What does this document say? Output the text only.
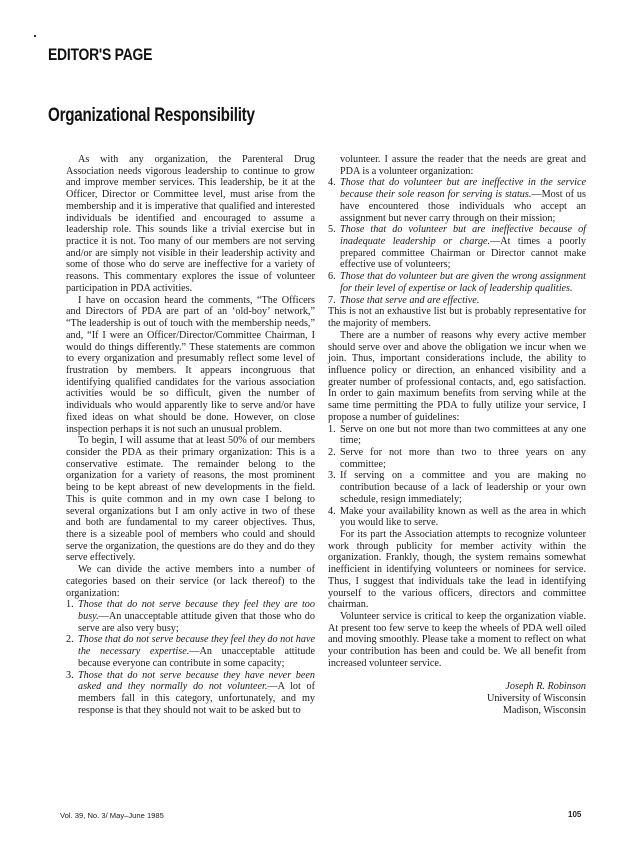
EDITOR'S PAGE
Organizational Responsibility

As with any organization, the Parenteral Drug Association needs vigorous leadership to continue to grow and improve member services. This leadership, be it at the Officer, Director or Committee level, must arise from the membership and it is imperative that qualified and interested individuals be identified and encouraged to assume a leadership role. This sounds like a trivial exercise but in practice it is not. Too many of our members are not serving and/or are simply not visible in their leadership activity and some of those who do serve are ineffective for a variety of reasons. This commentary explores the issue of volunteer participation in PDA activities.

I have on occasion heard the comments, “The Officers and Directors of PDA are part of an ‘old-boy’ network,” “The leadership is out of touch with the membership needs,” and, “If I were an Officer/Director/Committee Chairman, I would do things differently.” These statements are common to every organization and presumably reflect some level of frustration by members. It appears incongruous that identifying qualified candidates for the various association activities would be so difficult, given the number of individuals who would apparently like to serve and/or have fixed ideas on what should be done. However, on close inspection perhaps it is not such an unusual problem.

To begin, I will assume that at least 50% of our members consider the PDA as their primary organization: This is a conservative estimate. The remainder belong to the organization for a variety of reasons, the most prominent being to be kept abreast of new developments in the field. This is quite common and in my own case I belong to several organizations but I am only active in two of these and both are fundamental to my career objectives. Thus, there is a sizeable pool of members who could and should serve the organization, the questions are do they and do they serve effectively.

We can divide the active members into a number of categories based on their service (or lack thereof) to the organization:

1. Those that do not serve because they feel they are too busy.—An unacceptable attitude given that those who do serve are also very busy;
2. Those that do not serve because they feel they do not have the necessary expertise.—An unacceptable attitude because everyone can contribute in some capacity;
3. Those that do not serve because they have never been asked and they normally do not volunteer.—A lot of members fall in this category, unfortunately, and my response is that they should not wait to be asked but to
volunteer. I assure the reader that the needs are great and PDA is a volunteer organization:
4. Those that do volunteer but are ineffective in the service because their sole reason for serving is status.—Most of us have encountered those individuals who accept an assignment but never carry through on their mission;
5. Those that do volunteer but are ineffective because of inadequate leadership or charge.—At times a poorly prepared committee Chairman or Director cannot make effective use of volunteers;
6. Those that do volunteer but are given the wrong assignment for their level of expertise or lack of leadership qualities.
7. Those that serve and are effective.

This is not an exhaustive list but is probably representative for the majority of members.

There are a number of reasons why every active member should serve over and above the obligation we incur when we join. Thus, important considerations include, the ability to influence policy or direction, an enhanced visibility and a greater number of professional contacts, and, ego satisfaction. In order to gain maximum benefits from serving while at the same time permitting the PDA to fully utilize your service, I propose a number of guidelines:

1. Serve on one but not more than two committees at any one time;
2. Serve for not more than two to three years on any committee;
3. If serving on a committee and you are making no contribution because of a lack of leadership or your own schedule, resign immediately;
4. Make your availability known as well as the area in which you would like to serve.

For its part the Association attempts to recognize volunteer work through publicity for member activity within the organization. Frankly, though, the system remains somewhat inefficient in identifying volunteers or nominees for service. Thus, I suggest that individuals take the lead in identifying yourself to the various officers, directors and committee chairman.

Volunteer service is critical to keep the organization viable. At present too few serve to keep the wheels of PDA well oiled and moving smoothly. Please take a moment to reflect on what your contribution has been and could be. We all benefit from increased volunteer service.

Joseph R. Robinson
University of Wisconsin
Madison, Wisconsin
Vol. 39, No. 3/ May–June 1985	105
